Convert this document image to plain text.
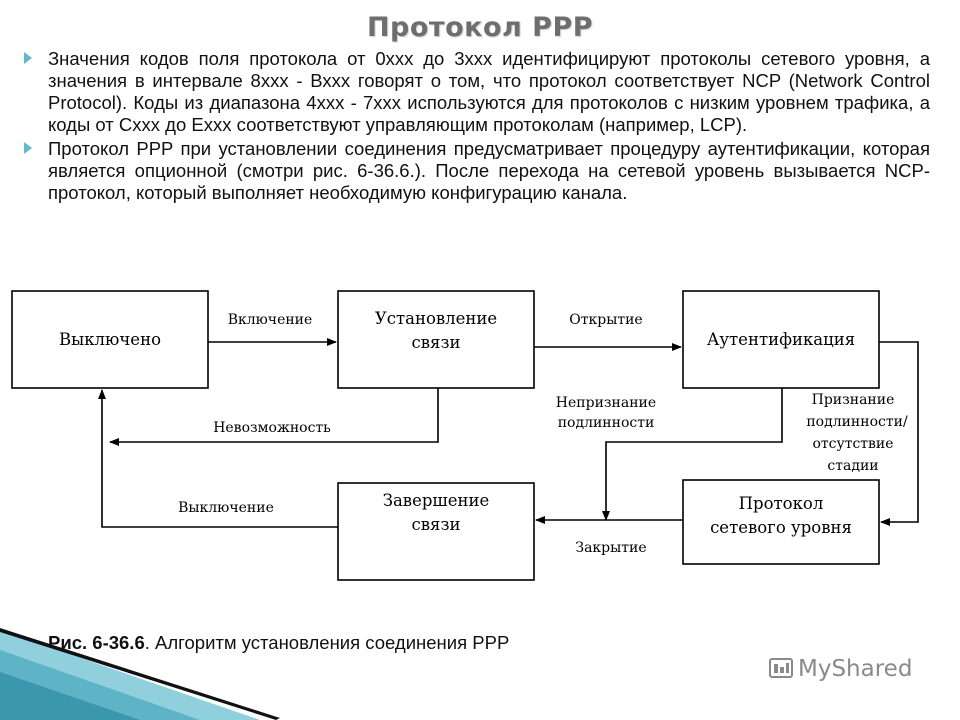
Протокол PPP
Значения кодов поля протокола от 0ххх до 3ххх идентифицируют протоколы сетевого уровня, а значения в интервале 8ххх - Вххх говорят о том, что протокол соответствует NCP (Network Control Protocol). Коды из диапазона 4ххх - 7ххх используются для протоколов с низким уровнем трафика, а коды от Сххх до Еххх соответствуют управляющим протоколам (например, LCP).
Протокол PPP при установлении соединения предусматривает процедуру аутентификации, которая является опционной (смотри рис. 6-36.6.). После перехода на сетевой уровень вызывается NCP-протокол, который выполняет необходимую конфигурацию канала.
Выключено
Установление
связи	Аутентификация
Протокол
сетевого уровня
Завершение
связи
Включение	Открытие
Невозможность
Непризнание
подлинности
Признание
подлинности/
отсутствие
стадии
Выключение
Закрытие
Рис. 6-36.6. Алгоритм установления соединения PPP
MyShared
